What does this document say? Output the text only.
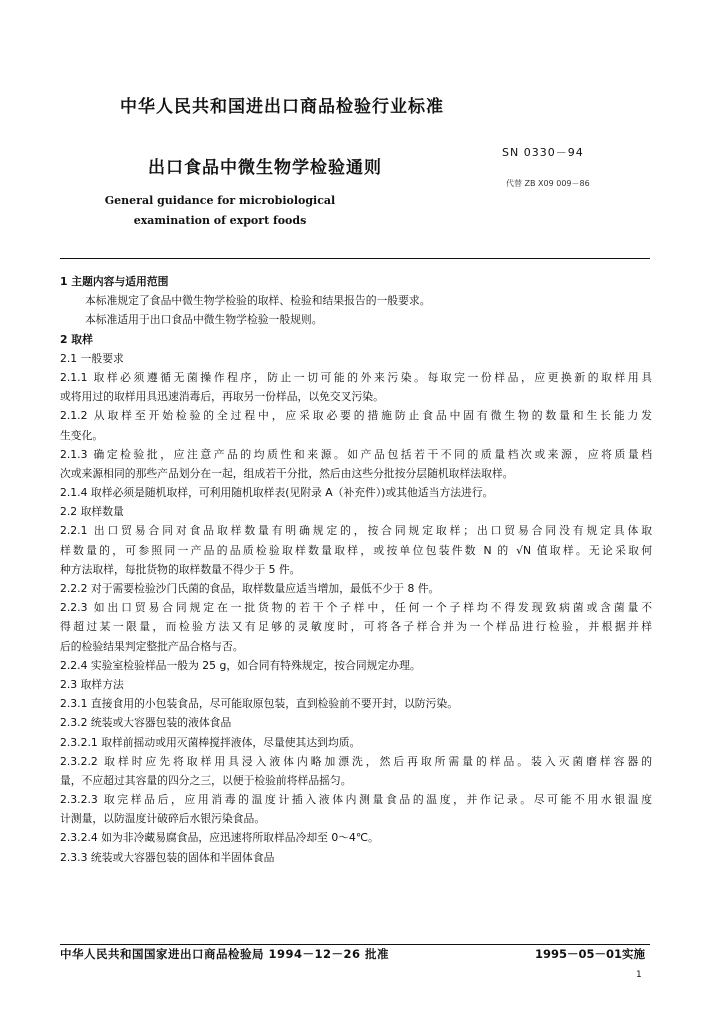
中华人民共和国进出口商品检验行业标准
SN 0330－94
出口食品中微生物学检验通则
代替 ZB X09 009－86
General guidance for microbiological
examination of export foods
1 主题内容与适用范围
本标准规定了食品中微生物学检验的取样、检验和结果报告的一般要求。
本标准适用于出口食品中微生物学检验一般规则。
2 取样
2.1 一般要求
2.1.1 取样必须遵循无菌操作程序，防止一切可能的外来污染。每取完一份样品，应更换新的取样用具
或将用过的取样用具迅速消毒后，再取另一份样品，以免交叉污染。
2.1.2 从取样至开始检验的全过程中，应采取必要的措施防止食品中固有微生物的数量和生长能力发
生变化。
2.1.3 确定检验批，应注意产品的均质性和来源。如产品包括若干不同的质量档次或来源，应将质量档
次或来源相同的那些产品划分在一起，组成若干分批，然后由这些分批按分层随机取样法取样。
2.1.4 取样必须是随机取样，可利用随机取样表(见附录 A（补充件）)或其他适当方法进行。
2.2 取样数量
2.2.1 出口贸易合同对食品取样数量有明确规定的，按合同规定取样；出口贸易合同没有规定具体取
样数量的，可参照同一产品的品质检验取样数量取样，或按单位包装件数 N 的 √N 值取样。无论采取何
种方法取样，每批货物的取样数量不得少于 5 件。
2.2.2 对于需要检验沙门氏菌的食品，取样数量应适当增加，最低不少于 8 件。
2.2.3 如出口贸易合同规定在一批货物的若干个子样中，任何一个子样均不得发现致病菌或含菌量不
得超过某一限量，而检验方法又有足够的灵敏度时，可将各子样合并为一个样品进行检验，并根据并样
后的检验结果判定整批产品合格与否。
2.2.4 实验室检验样品一般为 25 g，如合同有特殊规定，按合同规定办理。
2.3 取样方法
2.3.1 直接食用的小包装食品，尽可能取原包装，直到检验前不要开封，以防污染。
2.3.2 统装或大容器包装的液体食品
2.3.2.1 取样前摇动或用灭菌棒搅拌液体，尽量使其达到均质。
2.3.2.2 取样时应先将取样用具浸入液体内略加漂洗，然后再取所需量的样品。装入灭菌磨样容器的
量，不应超过其容量的四分之三，以便于检验前将样品摇匀。
2.3.2.3 取完样品后，应用消毒的温度计插入液体内测量食品的温度，并作记录。尽可能不用水银温度
计测量，以防温度计破碎后水银污染食品。
2.3.2.4 如为非冷藏易腐食品，应迅速将所取样品冷却至 0～4℃。
2.3.3 统装或大容器包装的固体和半固体食品
中华人民共和国国家进出口商品检验局 1994－12－26 批准	1995－05－01实施
1
